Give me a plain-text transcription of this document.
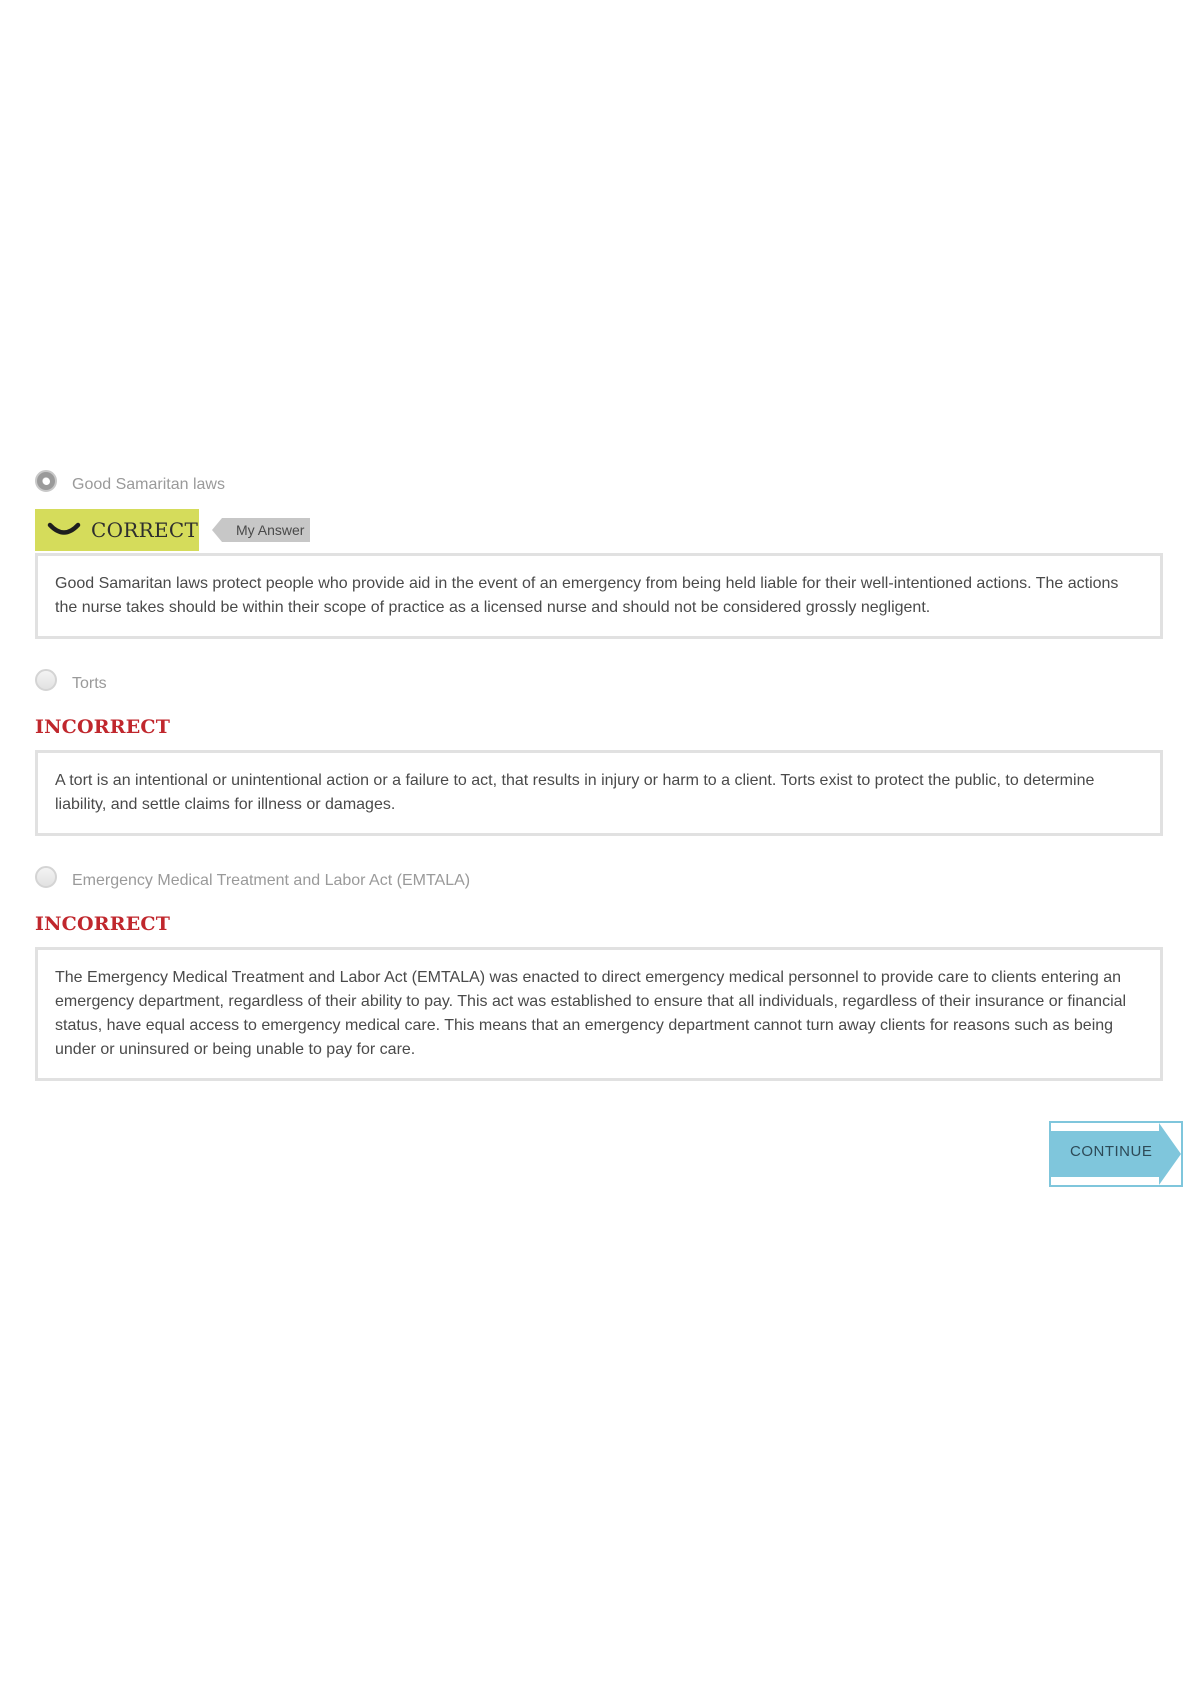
Good Samaritan laws
CORRECT	My Answer
Good Samaritan laws protect people who provide aid in the event of an emergency from being held liable for their well-intentioned actions. The actions the nurse takes should be within their scope of practice as a licensed nurse and should not be considered grossly negligent.
Torts
INCORRECT
A tort is an intentional or unintentional action or a failure to act, that results in injury or harm to a client. Torts exist to protect the public, to determine liability, and settle claims for illness or damages.
Emergency Medical Treatment and Labor Act (EMTALA)
INCORRECT
The Emergency Medical Treatment and Labor Act (EMTALA) was enacted to direct emergency medical personnel to provide care to clients entering an emergency department, regardless of their ability to pay. This act was established to ensure that all individuals, regardless of their insurance or financial status, have equal access to emergency medical care. This means that an emergency department cannot turn away clients for reasons such as being under or uninsured or being unable to pay for care.
CONTINUE
